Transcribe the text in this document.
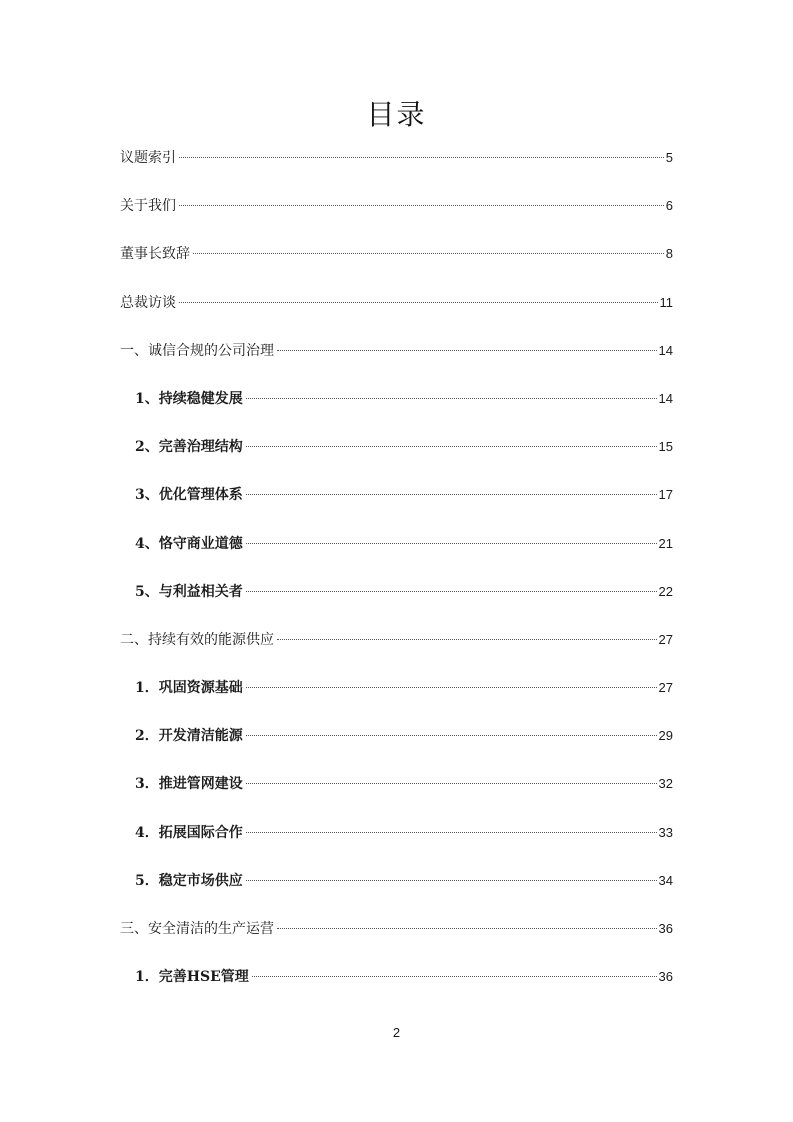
目录
议题索引	5
关于我们	6
董事长致辞	8
总裁访谈	11
一、诚信合规的公司治理	14
1、持续稳健发展	14
2、完善治理结构	15
3、优化管理体系	17
4、恪守商业道德	21
5、与利益相关者	22
二、持续有效的能源供应	27
1．巩固资源基础	27
2．开发清洁能源	29
3．推进管网建设	32
4．拓展国际合作	33
5．稳定市场供应	34
三、安全清洁的生产运营	36
1．完善HSE管理	36
2
